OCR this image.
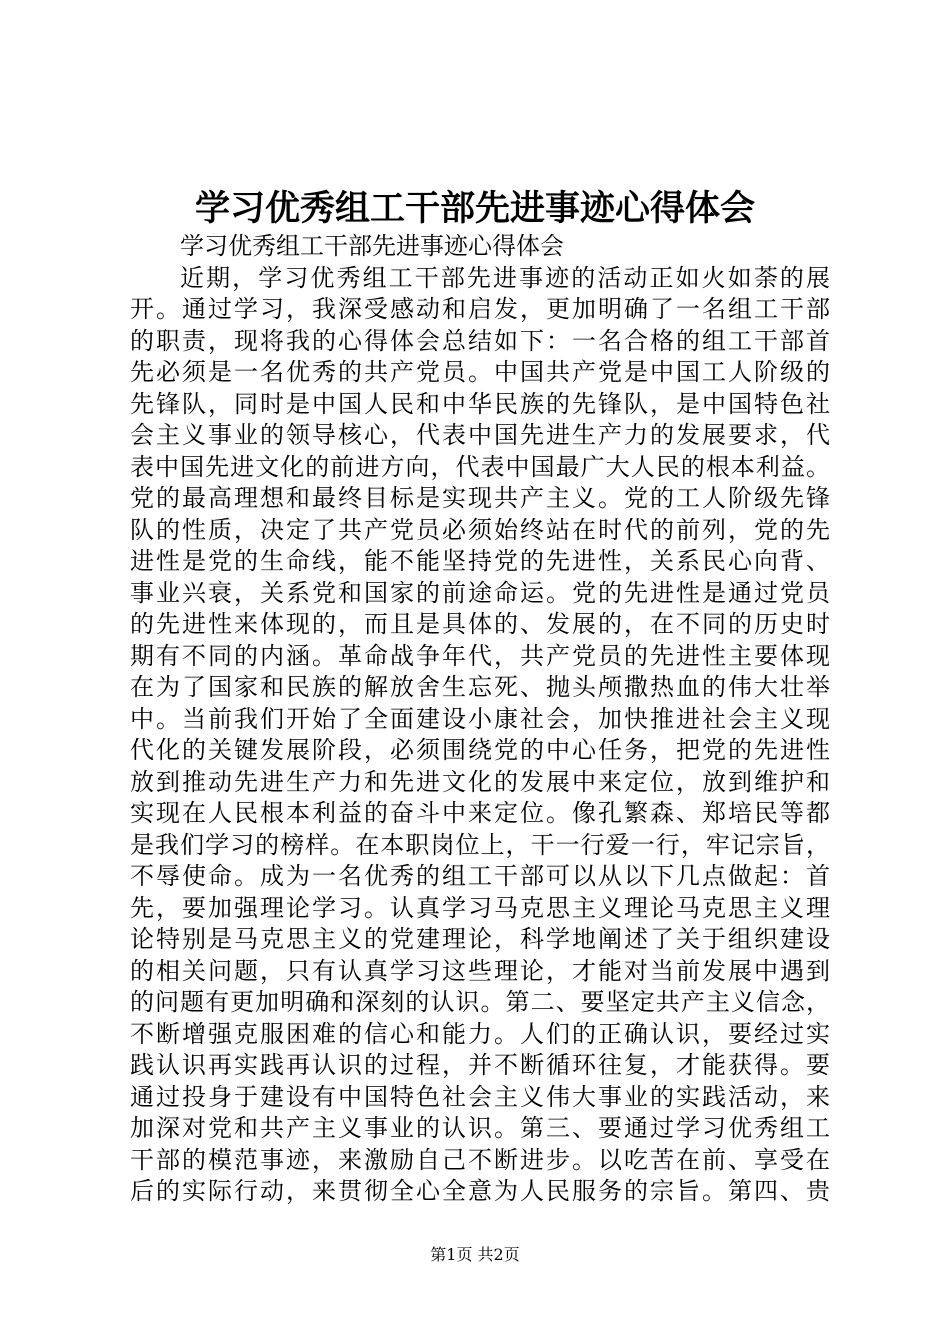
学习优秀组工干部先进事迹心得体会
学习优秀组工干部先进事迹心得体会
近期，学习优秀组工干部先进事迹的活动正如火如荼的展
开。通过学习，我深受感动和启发，更加明确了一名组工干部
的职责，现将我的心得体会总结如下：一名合格的组工干部首
先必须是一名优秀的共产党员。中国共产党是中国工人阶级的
先锋队，同时是中国人民和中华民族的先锋队，是中国特色社
会主义事业的领导核心，代表中国先进生产力的发展要求，代
表中国先进文化的前进方向，代表中国最广大人民的根本利益。
党的最高理想和最终目标是实现共产主义。党的工人阶级先锋
队的性质，决定了共产党员必须始终站在时代的前列，党的先
进性是党的生命线，能不能坚持党的先进性，关系民心向背、
事业兴衰，关系党和国家的前途命运。党的先进性是通过党员
的先进性来体现的，而且是具体的、发展的，在不同的历史时
期有不同的内涵。革命战争年代，共产党员的先进性主要体现
在为了国家和民族的解放舍生忘死、抛头颅撒热血的伟大壮举
中。当前我们开始了全面建设小康社会，加快推进社会主义现
代化的关键发展阶段，必须围绕党的中心任务，把党的先进性
放到推动先进生产力和先进文化的发展中来定位，放到维护和
实现在人民根本利益的奋斗中来定位。像孔繁森、郑培民等都
是我们学习的榜样。在本职岗位上，干一行爱一行，牢记宗旨，
不辱使命。成为一名优秀的组工干部可以从以下几点做起：首
先，要加强理论学习。认真学习马克思主义理论马克思主义理
论特别是马克思主义的党建理论，科学地阐述了关于组织建设
的相关问题，只有认真学习这些理论，才能对当前发展中遇到
的问题有更加明确和深刻的认识。第二、要坚定共产主义信念，
不断增强克服困难的信心和能力。人们的正确认识，要经过实
践认识再实践再认识的过程，并不断循环往复，才能获得。要
通过投身于建设有中国特色社会主义伟大事业的实践活动，来
加深对党和共产主义事业的认识。第三、要通过学习优秀组工
干部的模范事迹，来激励自己不断进步。以吃苦在前、享受在
后的实际行动，来贯彻全心全意为人民服务的宗旨。第四、贵
第1页 共2页
